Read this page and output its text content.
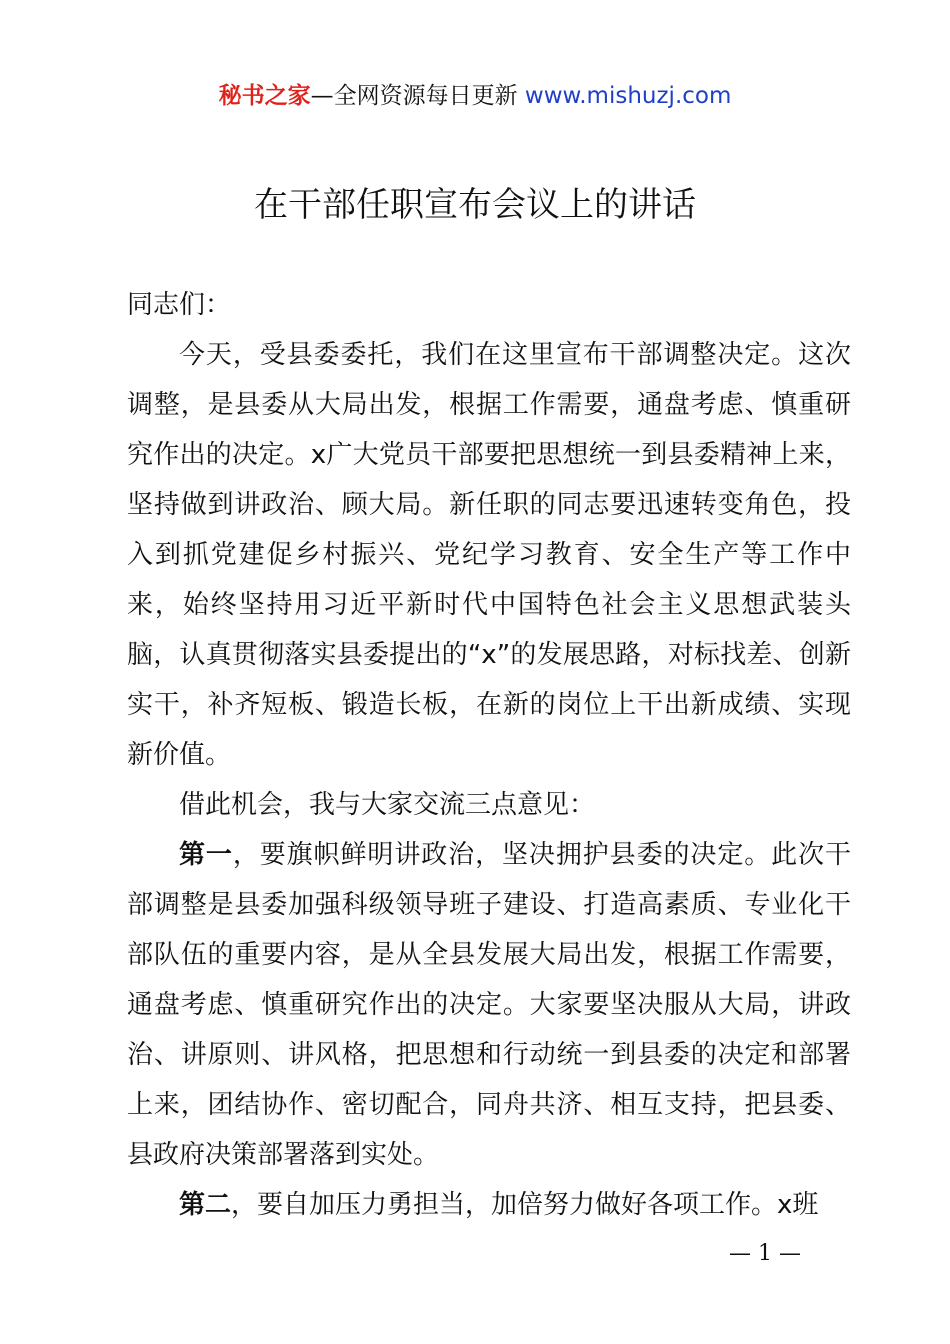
秘书之家—全网资源每日更新 www.mishuzj.com
在干部任职宣布会议上的讲话

同志们：

今天，受县委委托，我们在这里宣布干部调整决定。这次调整，是县委从大局出发，根据工作需要，通盘考虑、慎重研究作出的决定。x广大党员干部要把思想统一到县委精神上来，坚持做到讲政治、顾大局。新任职的同志要迅速转变角色，投入到抓党建促乡村振兴、党纪学习教育、安全生产等工作中来，始终坚持用习近平新时代中国特色社会主义思想武装头脑，认真贯彻落实县委提出的“x”的发展思路，对标找差、创新实干，补齐短板、锻造长板，在新的岗位上干出新成绩、实现新价值。

借此机会，我与大家交流三点意见：

第一，要旗帜鲜明讲政治，坚决拥护县委的决定。此次干部调整是县委加强科级领导班子建设、打造高素质、专业化干部队伍的重要内容，是从全县发展大局出发，根据工作需要，通盘考虑、慎重研究作出的决定。大家要坚决服从大局，讲政治、讲原则、讲风格，把思想和行动统一到县委的决定和部署上来，团结协作、密切配合，同舟共济、相互支持，把县委、县政府决策部署落到实处。

第二，要自加压力勇担当，加倍努力做好各项工作。x班

— 1 —
